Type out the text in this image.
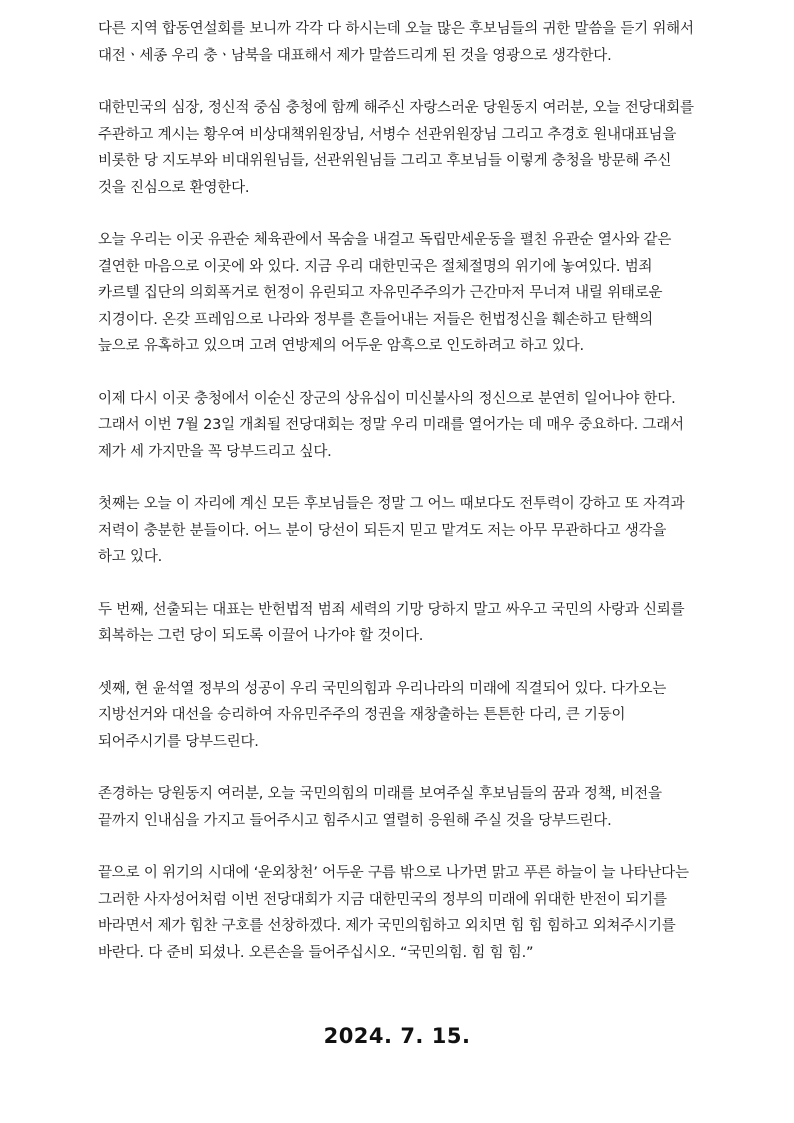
다른 지역 합동연설회를 보니까 각각 다 하시는데 오늘 많은 후보님들의 귀한 말씀을 듣기 위해서 대전ㆍ세종 우리 충ㆍ남북을 대표해서 제가 말씀드리게 된 것을 영광으로 생각한다.

대한민국의 심장, 정신적 중심 충청에 함께 해주신 자랑스러운 당원동지 여러분, 오늘 전당대회를 주관하고 계시는 황우여 비상대책위원장님, 서병수 선관위원장님 그리고 추경호 원내대표님을 비롯한 당 지도부와 비대위원님들, 선관위원님들 그리고 후보님들 이렇게 충청을 방문해 주신 것을 진심으로 환영한다.

오늘 우리는 이곳 유관순 체육관에서 목숨을 내걸고 독립만세운동을 펼친 유관순 열사와 같은 결연한 마음으로 이곳에 와 있다. 지금 우리 대한민국은 절체절명의 위기에 놓여있다. 범죄 카르텔 집단의 의회폭거로 헌정이 유린되고 자유민주주의가 근간마저 무너져 내릴 위태로운 지경이다. 온갖 프레임으로 나라와 정부를 흔들어내는 저들은 헌법정신을 훼손하고 탄핵의 늪으로 유혹하고 있으며 고려 연방제의 어두운 암흑으로 인도하려고 하고 있다.

이제 다시 이곳 충청에서 이순신 장군의 상유십이 미신불사의 정신으로 분연히 일어나야 한다. 그래서 이번 7월 23일 개최될 전당대회는 정말 우리 미래를 열어가는 데 매우 중요하다. 그래서 제가 세 가지만을 꼭 당부드리고 싶다.

첫째는 오늘 이 자리에 계신 모든 후보님들은 정말 그 어느 때보다도 전투력이 강하고 또 자격과 저력이 충분한 분들이다. 어느 분이 당선이 되든지 믿고 맡겨도 저는 아무 무관하다고 생각을 하고 있다.

두 번째, 선출되는 대표는 반헌법적 범죄 세력의 기망 당하지 말고 싸우고 국민의 사랑과 신뢰를 회복하는 그런 당이 되도록 이끌어 나가야 할 것이다.

셋째, 현 윤석열 정부의 성공이 우리 국민의힘과 우리나라의 미래에 직결되어 있다. 다가오는 지방선거와 대선을 승리하여 자유민주주의 정권을 재창출하는 튼튼한 다리, 큰 기둥이 되어주시기를 당부드린다.

존경하는 당원동지 여러분, 오늘 국민의힘의 미래를 보여주실 후보님들의 꿈과 정책, 비전을 끝까지 인내심을 가지고 들어주시고 힘주시고 열렬히 응원해 주실 것을 당부드린다.

끝으로 이 위기의 시대에 ‘운외창천’ 어두운 구름 밖으로 나가면 맑고 푸른 하늘이 늘 나타난다는 그러한 사자성어처럼 이번 전당대회가 지금 대한민국의 정부의 미래에 위대한 반전이 되기를 바라면서 제가 힘찬 구호를 선창하겠다. 제가 국민의힘하고 외치면 힘 힘 힘하고 외쳐주시기를 바란다. 다 준비 되셨나. 오른손을 들어주십시오. “국민의힘. 힘 힘 힘.”

2024. 7. 15.
